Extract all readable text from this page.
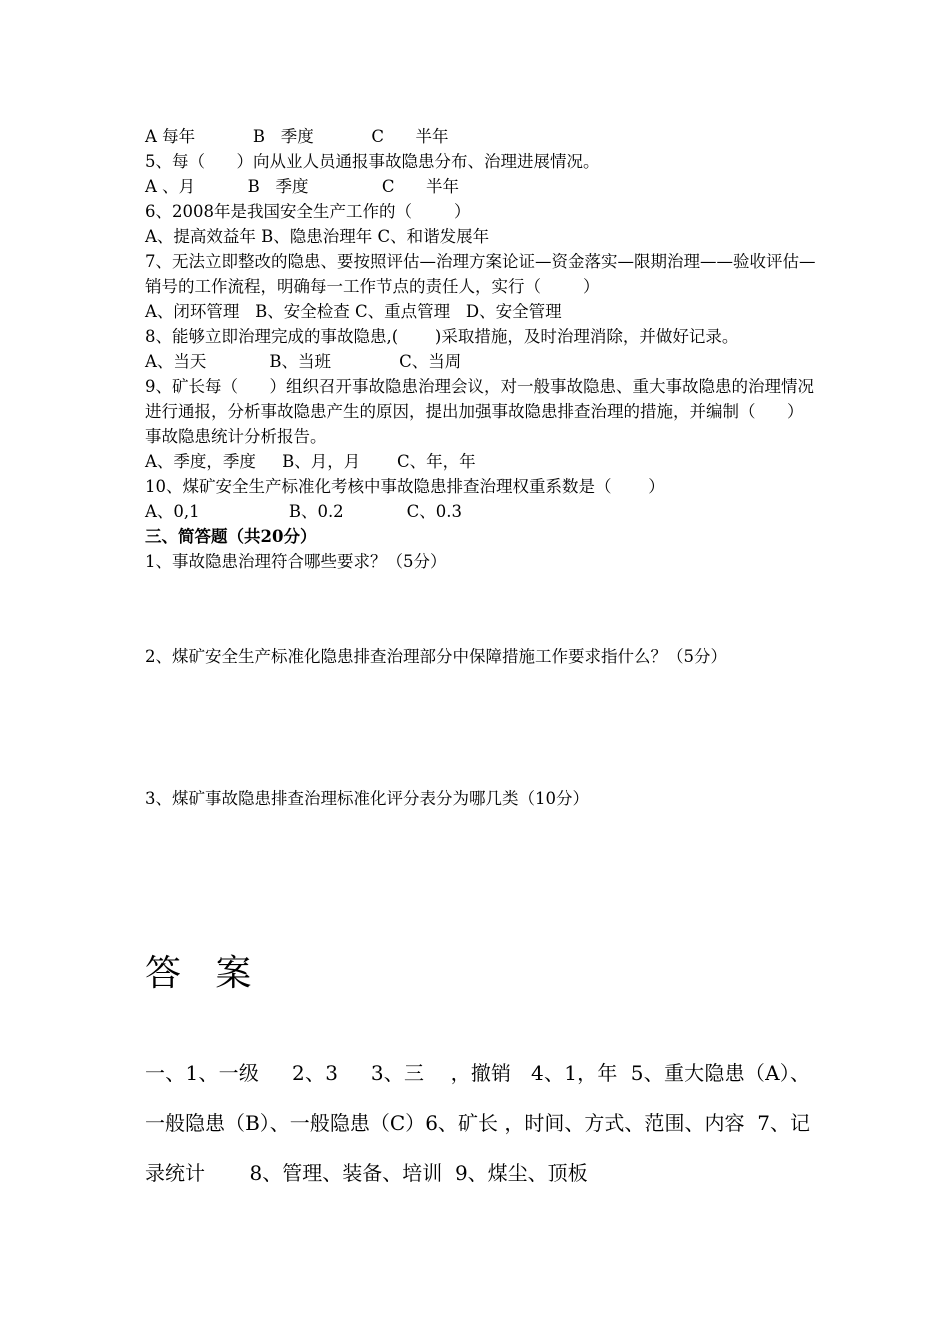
A 每年           B   季度           C      半年
5、每（      ）向从业人员通报事故隐患分布、治理进展情况。
A 、月          B   季度              C      半年
6、2008年是我国安全生产工作的（        ）
A、提高效益年 B、隐患治理年 C、和谐发展年
7、无法立即整改的隐患、要按照评估—治理方案论证—资金落实—限期治理——验收评估—销号的工作流程，明确每一工作节点的责任人，实行（        ）
A、闭环管理   B、安全检查 C、重点管理   D、安全管理
8、能够立即治理完成的事故隐患,(       )采取措施，及时治理消除，并做好记录。
A、当天            B、当班             C、当周
9、矿长每（      ）组织召开事故隐患治理会议，对一般事故隐患、重大事故隐患的治理情况进行通报，分析事故隐患产生的原因，提出加强事故隐患排查治理的措施，并编制（      ）事故隐患统计分析报告。
A、季度，季度     B、月，月       C、年，年
10、煤矿安全生产标准化考核中事故隐患排查治理权重系数是（       ）
A、0,1                 B、0.2            C、0.3
三、简答题（共20分）
1、事故隐患治理符合哪些要求？（5分）
2、煤矿安全生产标准化隐患排查治理部分中保障措施工作要求指什么？（5分）
3、煤矿事故隐患排查治理标准化评分表分为哪几类（10分）
答   案
一、1、一级     2、3     3、三    ，撤销   4、1，年  5、重大隐患（A）、一般隐患（B）、一般隐患（C）6、矿长 ，时间、方式、范围、内容  7、记录统计       8、管理、装备、培训  9、煤尘、顶板
